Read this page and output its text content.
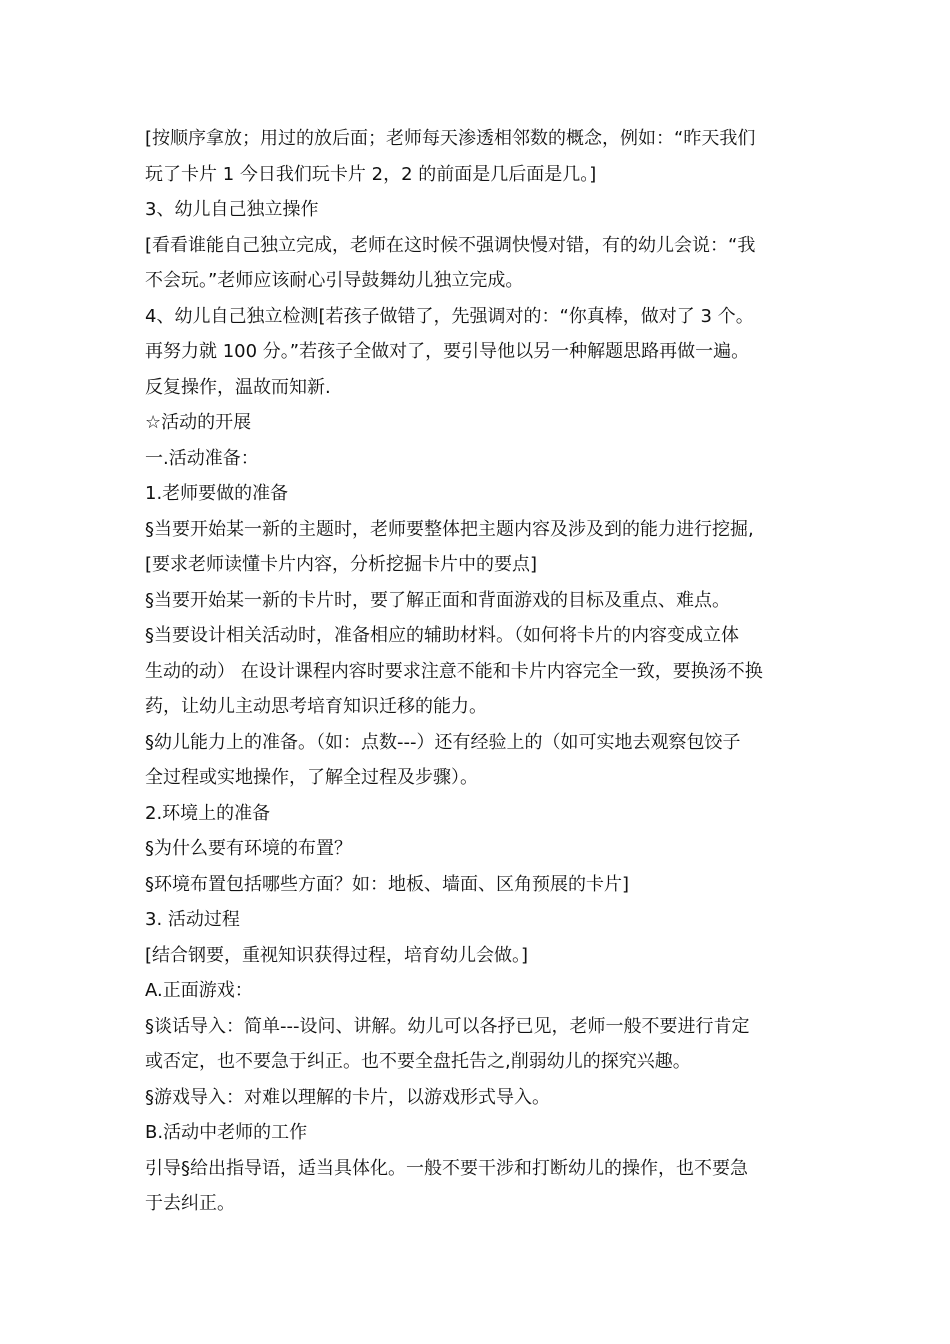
[按顺序拿放；用过的放后面；老师每天渗透相邻数的概念，例如：“昨天我们
玩了卡片 1 今日我们玩卡片 2，2 的前面是几后面是几。]
3、幼儿自己独立操作
[看看谁能自己独立完成，老师在这时候不强调快慢对错，有的幼儿会说：“我
不会玩。”老师应该耐心引导鼓舞幼儿独立完成。
4、幼儿自己独立检测[若孩子做错了，先强调对的：“你真棒，做对了 3 个。
再努力就 100 分。”若孩子全做对了，要引导他以另一种解题思路再做一遍。
反复操作，温故而知新.
☆活动的开展
一.活动准备：
1.老师要做的准备
§当要开始某一新的主题时，老师要整体把主题内容及涉及到的能力进行挖掘,
[要求老师读懂卡片内容，分析挖掘卡片中的要点]
§当要开始某一新的卡片时，要了解正面和背面游戏的目标及重点、难点。
§当要设计相关活动时，准备相应的辅助材料。（如何将卡片的内容变成立体
生动的动） 在设计课程内容时要求注意不能和卡片内容完全一致，要换汤不换
药，让幼儿主动思考培育知识迁移的能力。
§幼儿能力上的准备。（如：点数---）还有经验上的（如可实地去观察包饺子
全过程或实地操作，了解全过程及步骤）。
2.环境上的准备
§为什么要有环境的布置？
§环境布置包括哪些方面？如：地板、墙面、区角预展的卡片]
3. 活动过程
[结合钢要，重视知识获得过程，培育幼儿会做。]
A.正面游戏：
§谈话导入：简单---设问、讲解。幼儿可以各抒已见，老师一般不要进行肯定
或否定，也不要急于纠正。也不要全盘托告之,削弱幼儿的探究兴趣。
§游戏导入：对难以理解的卡片，以游戏形式导入。
B.活动中老师的工作
引导§给出指导语，适当具体化。一般不要干涉和打断幼儿的操作，也不要急
于去纠正。
